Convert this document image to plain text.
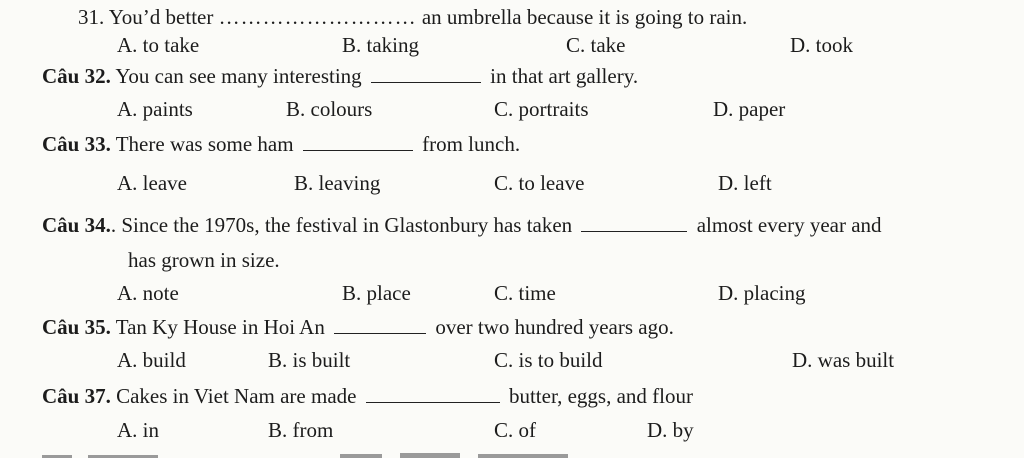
31. You’d better ……………………… an umbrella because it is going to rain.
A. to take	B. taking	C. take	D. took
Câu 32. You can see many interesting	in that art gallery.
A. paints	B. colours	C. portraits	D. paper
Câu 33. There was some ham	from lunch.
A. leave	B. leaving	C. to leave	D. left
Câu 34.. Since the 1970s, the festival in Glastonbury has taken	almost every year and
has grown in size.
A. note	B. place	C. time	D. placing
Câu 35. Tan Ky House in Hoi An	over two hundred years ago.
A. build	B. is built	C. is to build	D. was built
Câu 37. Cakes in Viet Nam are made	butter, eggs, and flour
A. in	B. from	C. of	D. by
